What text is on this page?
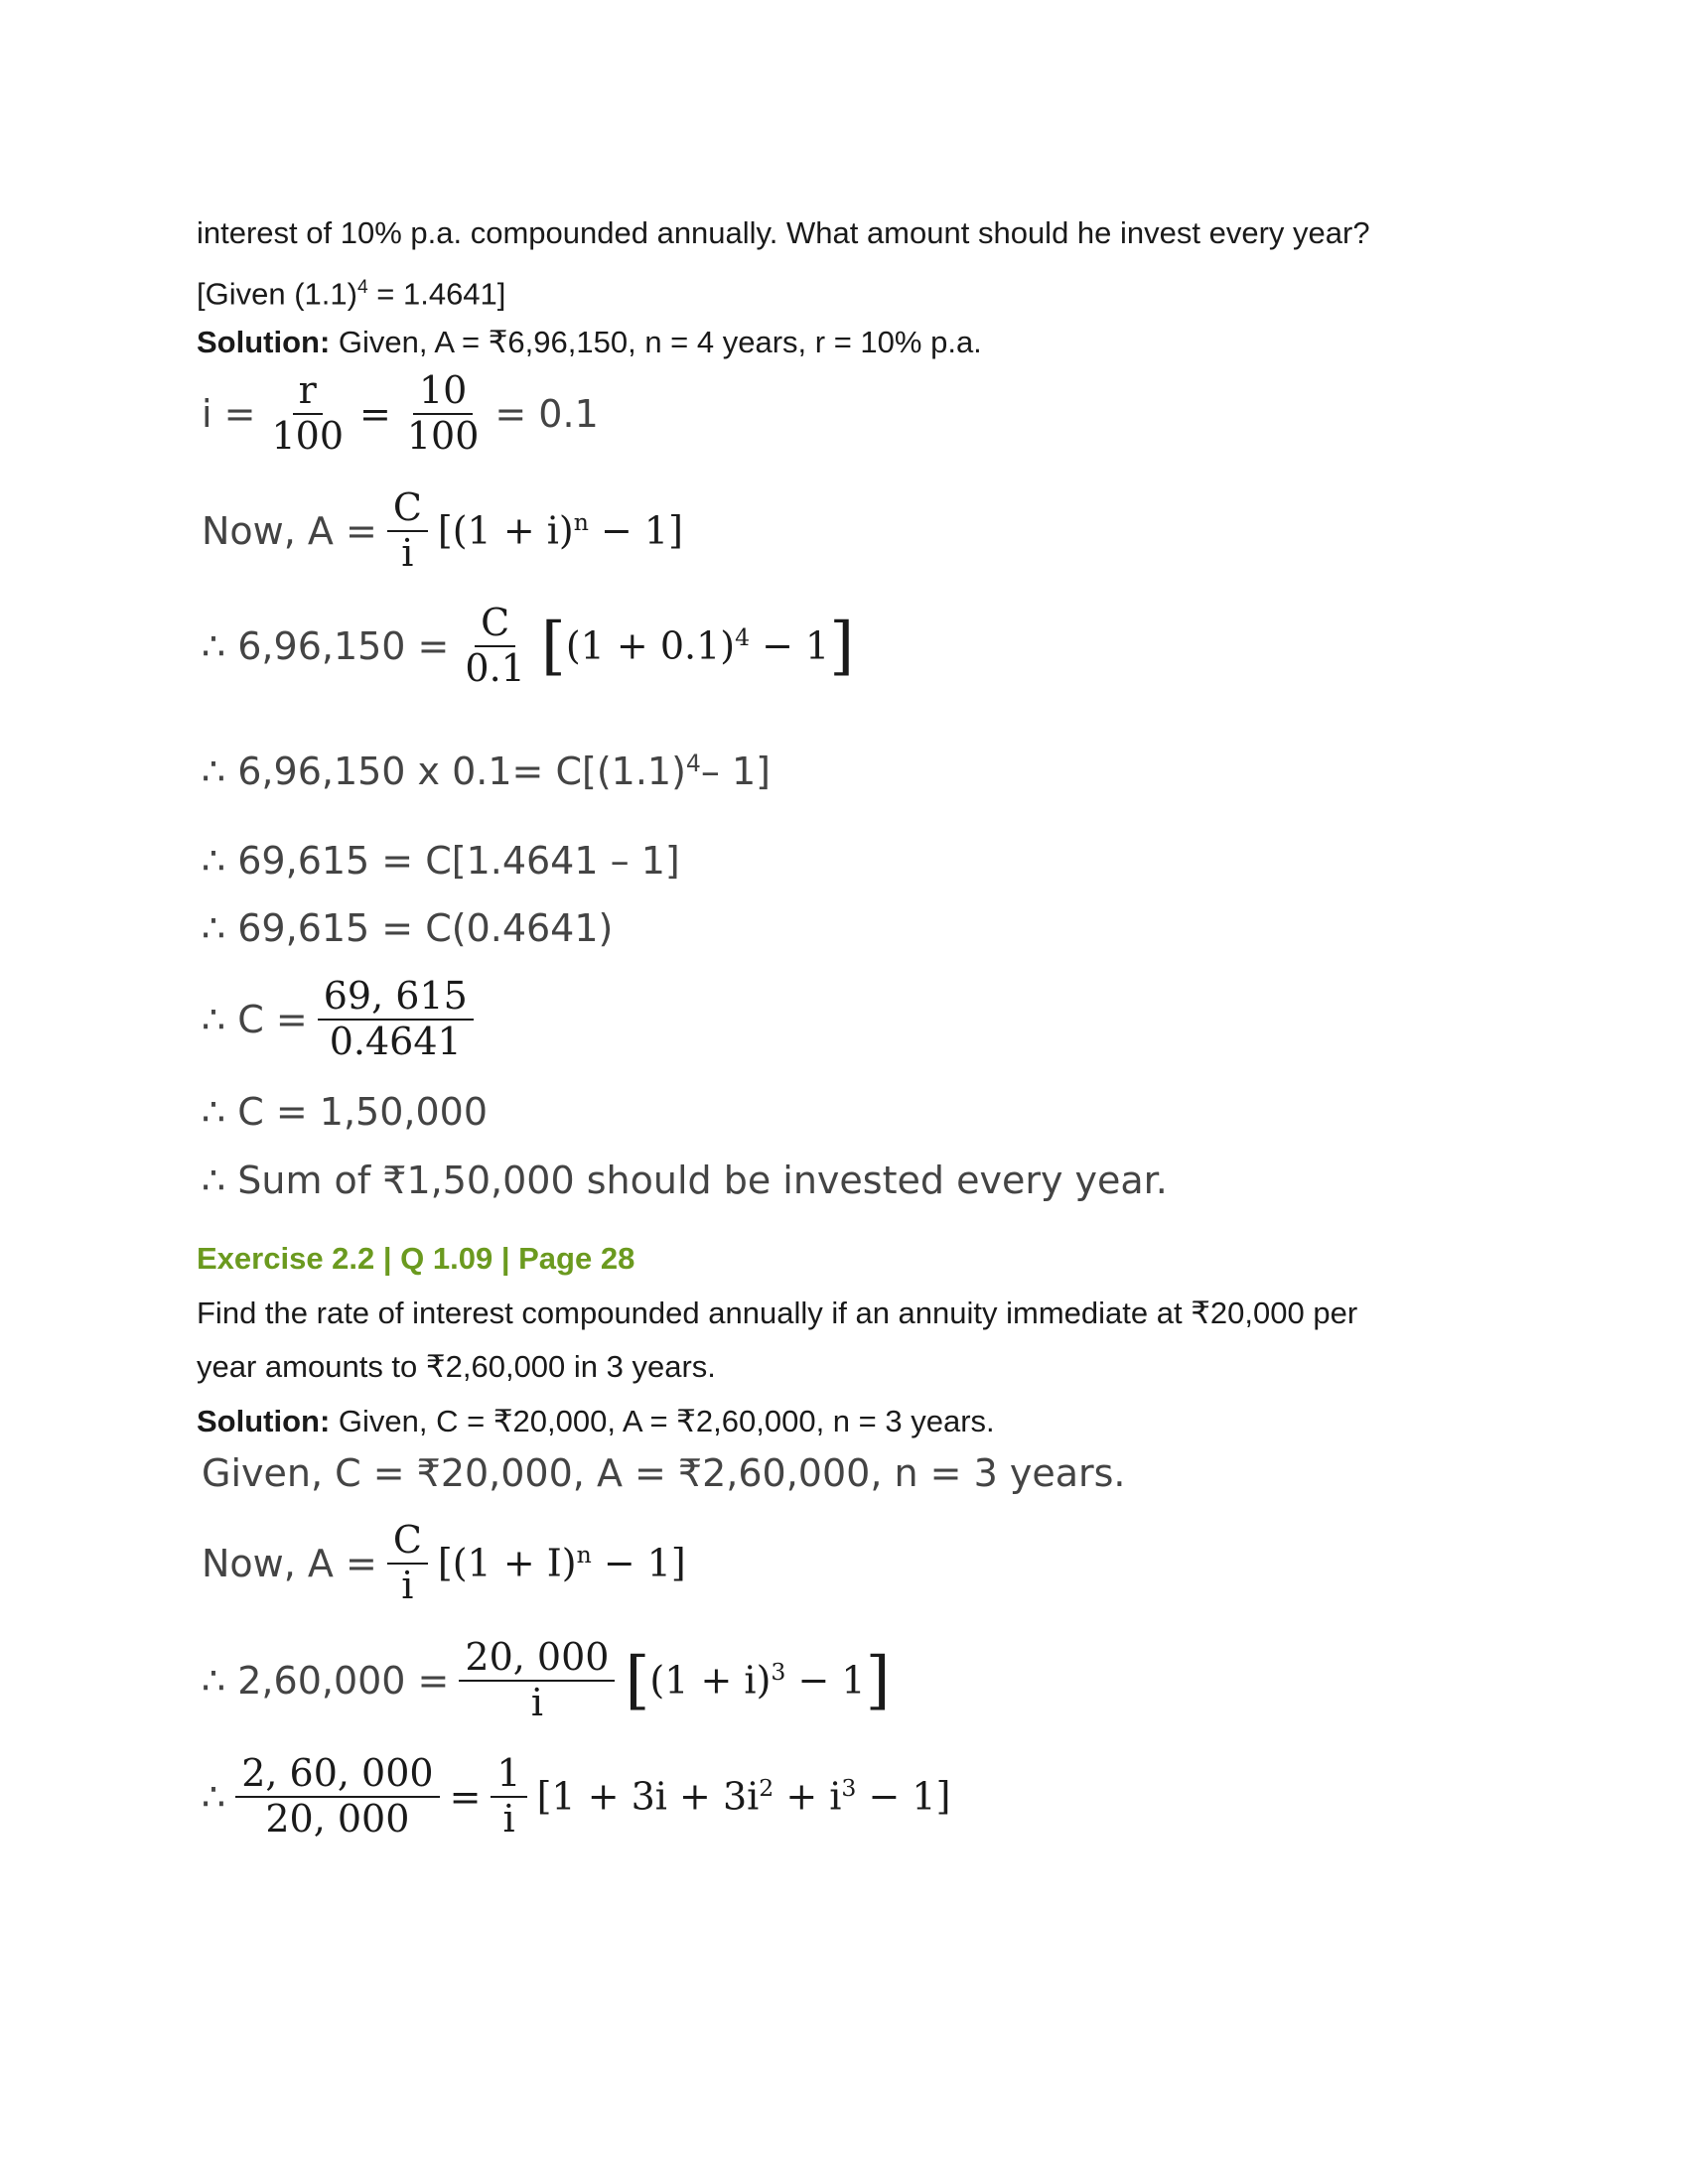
interest of 10% p.a. compounded annually. What amount should he invest every year?
[Given $(1.1)^4 = 1.4641$]
Solution: Given, A = ₹6,96,150, n = 4 years, r = 10% p.a.
$i = \frac{r}{100} = \frac{10}{100} = 0.1$
Now, $A = \frac{C}{i} [(1 + i)^n - 1]$
∴ $6,96,150 = \frac{C}{0.1}$ [ $(1 + 0.1)^4 - 1$ ]
∴ 6,96,150 x $0.1= C[(1.1)^4 - 1]$
∴ 69,615 = C[1.4641 – 1]
∴ 69,615 = C(0.4641)
∴ $C = \frac{69, 615}{0.4641}$
∴ C = 1,50,000
∴ Sum of ₹1,50,000 should be invested every year.
Exercise 2.2 | Q 1.09 | Page 28
Find the rate of interest compounded annually if an annuity immediate at ₹20,000 per
year amounts to ₹2,60,000 in 3 years.
Solution: Given, C = ₹20,000, A = ₹2,60,000, n = 3 years.
Given, C = ₹20,000, A = ₹2,60,000, n = 3 years.
Now, $A = \frac{C}{i} [(1 + I)^n - 1]$
∴ $2,60,000 = \frac{20, 000}{i}$ [ $(1 + i)^3 - 1$ ]
∴ $\frac{2, 60, 000}{20, 000} = \frac{1}{i} [1 + 3i + 3i^2 + i^3 - 1]$
